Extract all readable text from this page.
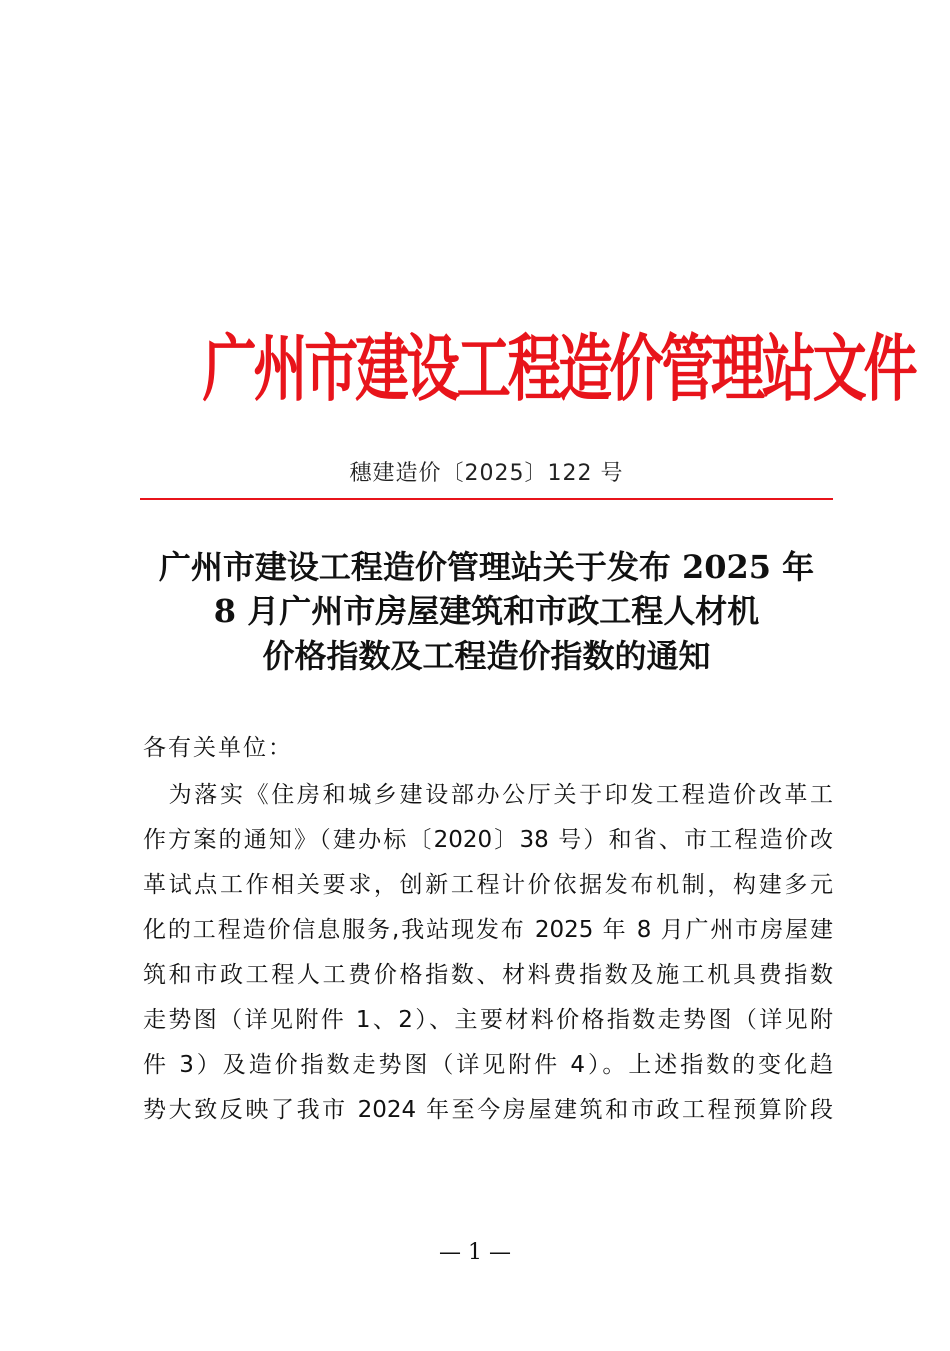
广州市建设工程造价管理站文件
穗建造价〔2025〕122 号
广州市建设工程造价管理站关于发布 2025 年
8 月广州市房屋建筑和市政工程人材机
价格指数及工程造价指数的通知
各有关单位：
　为落实《住房和城乡建设部办公厅关于印发工程造价改革工
作方案的通知》（建办标〔2020〕38 号）和省、市工程造价改
革试点工作相关要求，创新工程计价依据发布机制，构建多元
化的工程造价信息服务,我站现发布 2025 年 8 月广州市房屋建
筑和市政工程人工费价格指数、材料费指数及施工机具费指数
走势图（详见附件 1、2）、主要材料价格指数走势图（详见附
件 3）及造价指数走势图（详见附件 4）。上述指数的变化趋
势大致反映了我市 2024 年至今房屋建筑和市政工程预算阶段
— 1 —
